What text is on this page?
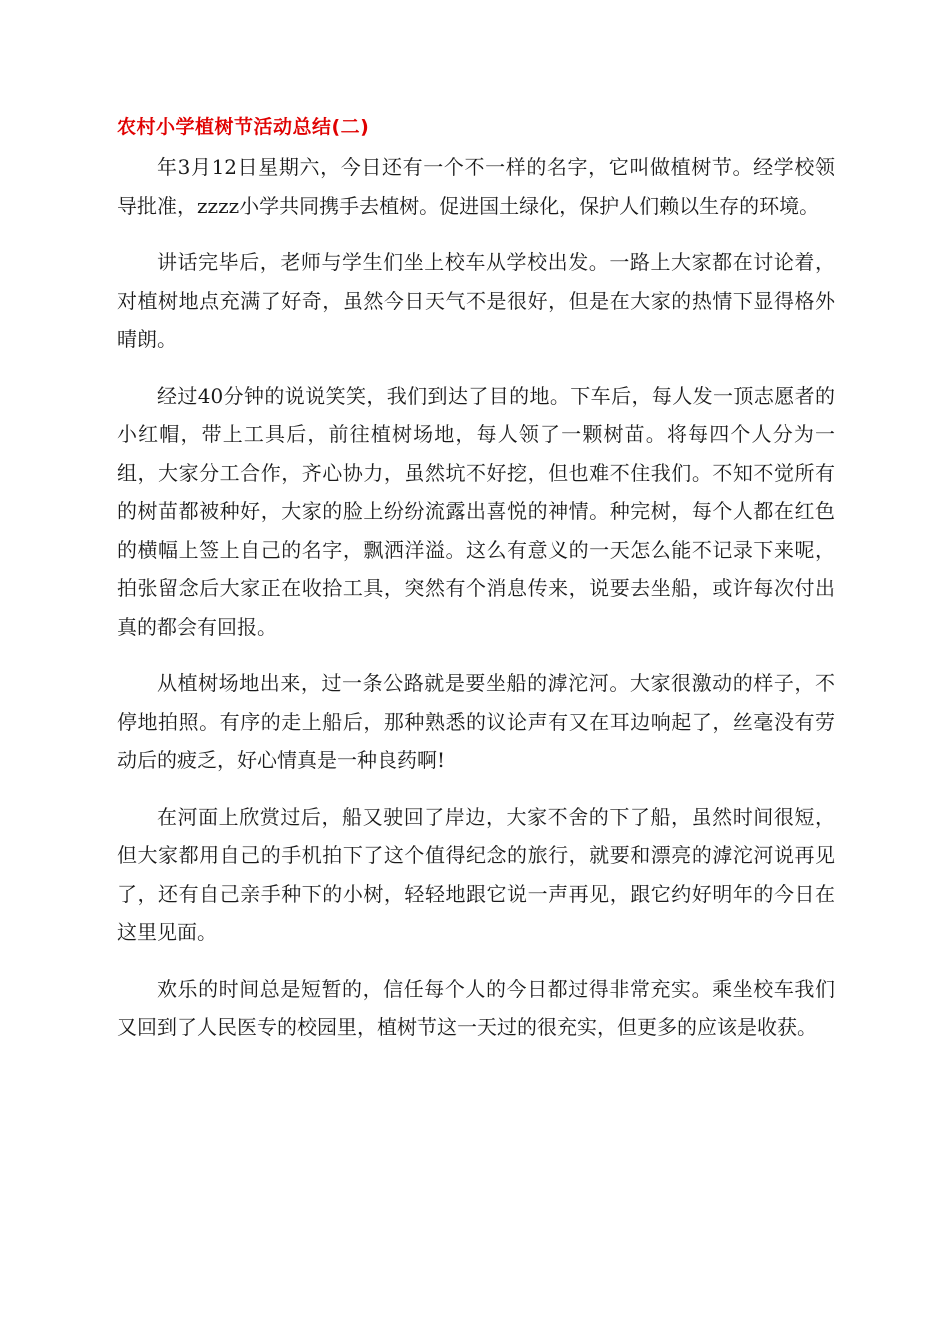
农村小学植树节活动总结(二)

年3月12日星期六，今日还有一个不一样的名字，它叫做植树节。经学校领导批准，zzzz小学共同携手去植树。促进国土绿化，保护人们赖以生存的环境。

讲话完毕后，老师与学生们坐上校车从学校出发。一路上大家都在讨论着，对植树地点充满了好奇，虽然今日天气不是很好，但是在大家的热情下显得格外晴朗。

经过40分钟的说说笑笑，我们到达了目的地。下车后，每人发一顶志愿者的小红帽，带上工具后，前往植树场地，每人领了一颗树苗。将每四个人分为一组，大家分工合作，齐心协力，虽然坑不好挖，但也难不住我们。不知不觉所有的树苗都被种好，大家的脸上纷纷流露出喜悦的神情。种完树，每个人都在红色的横幅上签上自己的名字，飘洒洋溢。这么有意义的一天怎么能不记录下来呢，拍张留念后大家正在收拾工具，突然有个消息传来，说要去坐船，或许每次付出真的都会有回报。

从植树场地出来，过一条公路就是要坐船的滹沱河。大家很激动的样子，不停地拍照。有序的走上船后，那种熟悉的议论声有又在耳边响起了，丝毫没有劳动后的疲乏，好心情真是一种良药啊!

在河面上欣赏过后，船又驶回了岸边，大家不舍的下了船，虽然时间很短，但大家都用自己的手机拍下了这个值得纪念的旅行，就要和漂亮的滹沱河说再见了，还有自己亲手种下的小树，轻轻地跟它说一声再见，跟它约好明年的今日在这里见面。

欢乐的时间总是短暂的，信任每个人的今日都过得非常充实。乘坐校车我们又回到了人民医专的校园里，植树节这一天过的很充实，但更多的应该是收获。
